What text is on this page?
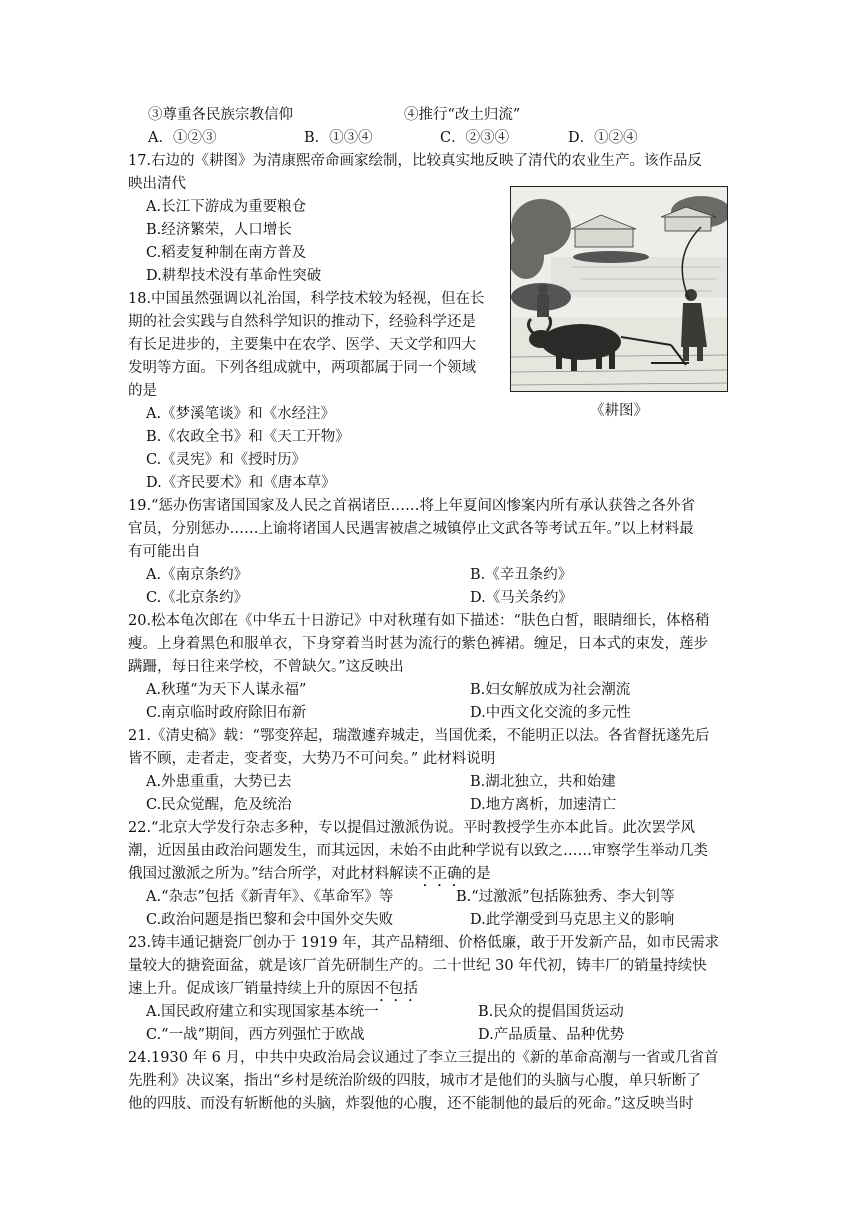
③尊重各民族宗教信仰	④推行“改土归流”
A．①②③	B．①③④	C．②③④	D．①②④
17.右边的《耕图》为清康熙帝命画家绘制，比较真实地反映了清代的农业生产。该作品反
映出清代
A.长江下游成为重要粮仓
B.经济繁荣，人口增长
C.稻麦复种制在南方普及
D.耕犁技术没有革命性突破
《耕图》
18.中国虽然强调以礼治国，科学技术较为轻视，但在长
期的社会实践与自然科学知识的推动下，经验科学还是
有长足进步的，主要集中在农学、医学、天文学和四大
发明等方面。下列各组成就中，两项都属于同一个领域
的是
A.《梦溪笔谈》和《水经注》
B.《农政全书》和《天工开物》
C.《灵宪》和《授时历》
D.《齐民要术》和《唐本草》
19.“惩办伤害诸国国家及人民之首祸诸臣……将上年夏间凶惨案内所有承认获咎之各外省
官员，分别惩办……上谕将诸国人民遇害被虐之城镇停止文武各等考试五年。”以上材料最
有可能出自
A.《南京条约》	B.《辛丑条约》
C.《北京条约》	D.《马关条约》
20.松本龟次郎在《中华五十日游记》中对秋瑾有如下描述：“肤色白皙，眼睛细长，体格稍
瘦。上身着黑色和服单衣，下身穿着当时甚为流行的紫色裤裙。缠足，日本式的束发，莲步
蹒跚，每日往来学校，不曾缺欠。”这反映出
A.秋瑾“为天下人谋永福”	B.妇女解放成为社会潮流
C.南京临时政府除旧布新	D.中西文化交流的多元性
21.《清史稿》载：“鄂变猝起，瑞澂遽弃城走，当国优柔，不能明正以法。各省督抚遂先后
皆不顾，走者走，变者变，大势乃不可问矣。” 此材料说明
A.外患重重，大势已去	B.湖北独立，共和始建
C.民众觉醒，危及统治	D.地方离析，加速清亡
22.“北京大学发行杂志多种，专以提倡过激派伪说。平时教授学生亦本此旨。此次罢学风
潮，近因虽由政治问题发生，而其远因，未始不由此种学说有以致之……审察学生举动几类
俄国过激派之所为。”结合所学，对此材料解读不正确的是
A.“杂志”包括《新青年》、《革命军》等	B.“过激派”包括陈独秀、李大钊等
C.政治问题是指巴黎和会中国外交失败	D.此学潮受到马克思主义的影响
23.铸丰通记搪瓷厂创办于 1919 年，其产品精细、价格低廉，敢于开发新产品，如市民需求
量较大的搪瓷面盆，就是该厂首先研制生产的。二十世纪 30 年代初，铸丰厂的销量持续快
速上升。促成该厂销量持续上升的原因不包括
A.国民政府建立和实现国家基本统一	B.民众的提倡国货运动
C.“一战”期间，西方列强忙于欧战	D.产品质量、品种优势
24.1930 年 6 月，中共中央政治局会议通过了李立三提出的《新的革命高潮与一省或几省首
先胜利》决议案，指出“乡村是统治阶级的四肢，城市才是他们的头脑与心腹，单只斩断了
他的四肢、而没有斩断他的头脑，炸裂他的心腹，还不能制他的最后的死命。”这反映当时
